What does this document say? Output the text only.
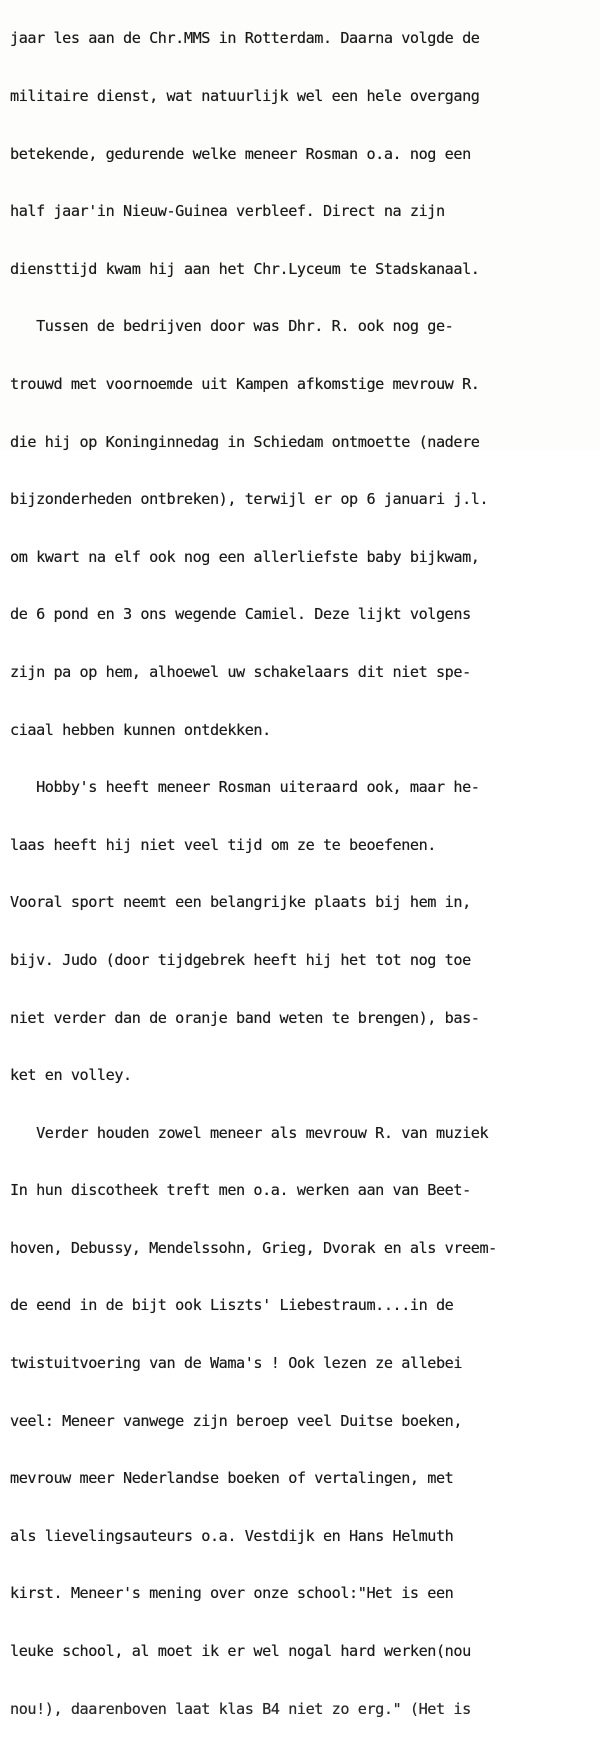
jaar les aan de Chr.MMS in Rotterdam. Daarna volgde de

militaire dienst, wat natuurlijk wel een hele overgang

betekende, gedurende welke meneer Rosman o.a. nog een

half jaar'in Nieuw-Guinea verbleef. Direct na zijn

diensttijd kwam hij aan het Chr.Lyceum te Stadskanaal.

Tussen de bedrijven door was Dhr. R. ook nog ge-

trouwd met voornoemde uit Kampen afkomstige mevrouw R.

die hij op Koninginnedag in Schiedam ontmoette (nadere

bijzonderheden ontbreken), terwijl er op 6 januari j.l.

om kwart na elf ook nog een allerliefste baby bijkwam,

de 6 pond en 3 ons wegende Camiel. Deze lijkt volgens

zijn pa op hem, alhoewel uw schakelaars dit niet spe-

ciaal hebben kunnen ontdekken.

Hobby's heeft meneer Rosman uiteraard ook, maar he-

laas heeft hij niet veel tijd om ze te beoefenen.

Vooral sport neemt een belangrijke plaats bij hem in,

bijv. Judo (door tijdgebrek heeft hij het tot nog toe

niet verder dan de oranje band weten te brengen), bas-

ket en volley.

Verder houden zowel meneer als mevrouw R. van muziek

In hun discotheek treft men o.a. werken aan van Beet-

hoven, Debussy, Mendelssohn, Grieg, Dvorak en als vreem-

de eend in de bijt ook Liszts' Liebestraum....in de

twistuitvoering van de Wama's ! Ook lezen ze allebei

veel: Meneer vanwege zijn beroep veel Duitse boeken,

mevrouw meer Nederlandse boeken of vertalingen, met

als lievelingsauteurs o.a. Vestdijk en Hans Helmuth

kirst. Meneer's mening over onze school:"Het is een

leuke school, al moet ik er wel nogal hard werken(nou

nou!), daarenboven laat klas B4 niet zo erg." (Het is
